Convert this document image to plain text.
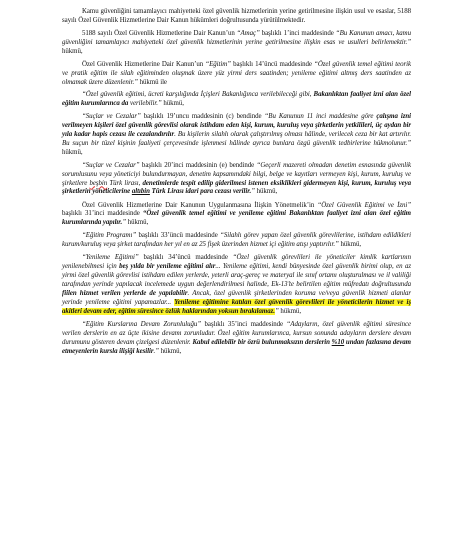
Kamu güvenliğini tamamlayıcı mahiyetteki özel güvenlik hizmetlerinin yerine getirilmesine ilişkin usul ve esaslar, 5188 sayılı Özel Güvenlik Hizmetlerine Dair Kanun hükümleri doğrultusunda yürütülmektedir.

5188 sayılı Özel Güvenlik Hizmetlerine Dair Kanun’un “Amaç” başlıklı 1’inci maddesinde “Bu Kanunun amacı, kamu güvenliğini tamamlayıcı mahiyetteki özel güvenlik hizmetlerinin yerine getirilmesine ilişkin esas ve usulleri belirlemektir.” hükmü,

Özel Güvenlik Hizmetlerine Dair Kanun’un “Eğitim” başlıklı 14’üncü maddesinde “Özel güvenlik temel eğitimi teorik ve pratik eğitim ile silah eğitiminden oluşmak üzere yüz yirmi ders saatinden; yenileme eğitimi altmış ders saatinden az olmamak üzere düzenlenir.” hükmü ile

“Özel güvenlik eğitimi, ücreti karşılığında İçişleri Bakanlığınca verilebileceği gibi, Bakanlıktan faaliyet izni alan özel eğitim kurumlarınca da verilebilir.” hükmü,

“Suçlar ve Cezalar” başlıklı 19’uncu maddesinin (c) bendinde “Bu Kanunun 11 inci maddesine göre çalışma izni verilmeyen kişileri özel güvenlik görevlisi olarak istihdam eden kişi, kurum, kuruluş veya şirketlerin yetkilileri, üç aydan bir yıla kadar hapis cezası ile cezalandırılır. Bu kişilerin silahlı olarak çalıştırılmış olması hâlinde, verilecek ceza bir kat artırılır. Bu suçun bir tüzel kişinin faaliyeti çerçevesinde işlenmesi hâlinde ayrıca bunlara özgü güvenlik tedbirlerine hükmolunur.” hükmü,

“Suçlar ve Cezalar” başlıklı 20’inci maddesinin (e) bendinde “Geçerli mazereti olmadan denetim esnasında güvenlik sorumlusunu veya yöneticiyi bulundurmayan, denetim kapsamındaki bilgi, belge ve kayıtları vermeyen kişi, kurum, kuruluş ve şirketlere beşbin Türk lirası, denetimlerde tespit edilip giderilmesi istenen eksiklikleri gidermeyen kişi, kurum, kuruluş veya şirketlerin yöneticilerine altıbin Türk Lirası idari para cezası verilir.” hükmü,

Özel Güvenlik Hizmetlerine Dair Kanunun Uygulanmasına İlişkin Yönetmelik’in “Özel Güvenlik Eğitimi ve İzni” başlıklı 31’inci maddesinde “Özel güvenlik temel eğitimi ve yenileme eğitimi Bakanlıktan faaliyet izni alan özel eğitim kurumlarında yapılır.” hükmü,

“Eğitim Programı” başlıklı 33’üncü maddesinde “Silahlı görev yapan özel güvenlik görevlilerine, istihdam edildikleri kurum/kuruluş veya şirket tarafından her yıl en az 25 fişek üzerinden hizmet içi eğitim atışı yaptırılır.” hükmü,

“Yenileme Eğitimi” başlıklı 34’üncü maddesinde “Özel güvenlik görevlileri ile yöneticiler kimlik kartlarının yenilenebilmesi için beş yılda bir yenileme eğitimi alır... Yenileme eğitimi, kendi bünyesinde özel güvenlik birimi olup, en az yirmi özel güvenlik görevlisi istihdam edilen yerlerde, yeterli araç-gereç ve materyal ile sınıf ortamı oluşturulması ve il valiliği tarafından yerinde yapılacak incelemede uygun değerlendirilmesi halinde, Ek-13’te belirtilen eğitim müfredatı doğrultusunda fiilen hizmet verilen yerlerde de yapılabilir. Ancak, özel güvenlik şirketlerinden koruma ve/veya güvenlik hizmeti alanlar yerinde yenileme eğitimi yapamazlar... Yenileme eğitimine katılan özel güvenlik görevlileri ile yöneticilerin hizmet ve iş akitleri devam eder, eğitim süresince özlük haklarından yoksun bırakılamaz.” hükmü,

“Eğitim Kurslarına Devam Zorunluluğu” başlıklı 35’inci maddesinde “Adayların, özel güvenlik eğitimi süresince verilen derslerin en az üçte ikisine devamı zorunludur. Özel eğitim kurumlarınca, kursun sonunda adayların derslere devam durumunu gösteren devam çizelgesi düzenlenir. Kabul edilebilir bir özrü bulunmaksızın derslerin %10 undan fazlasına devam etmeyenlerin kursla ilişiği kesilir.” hükmü,
